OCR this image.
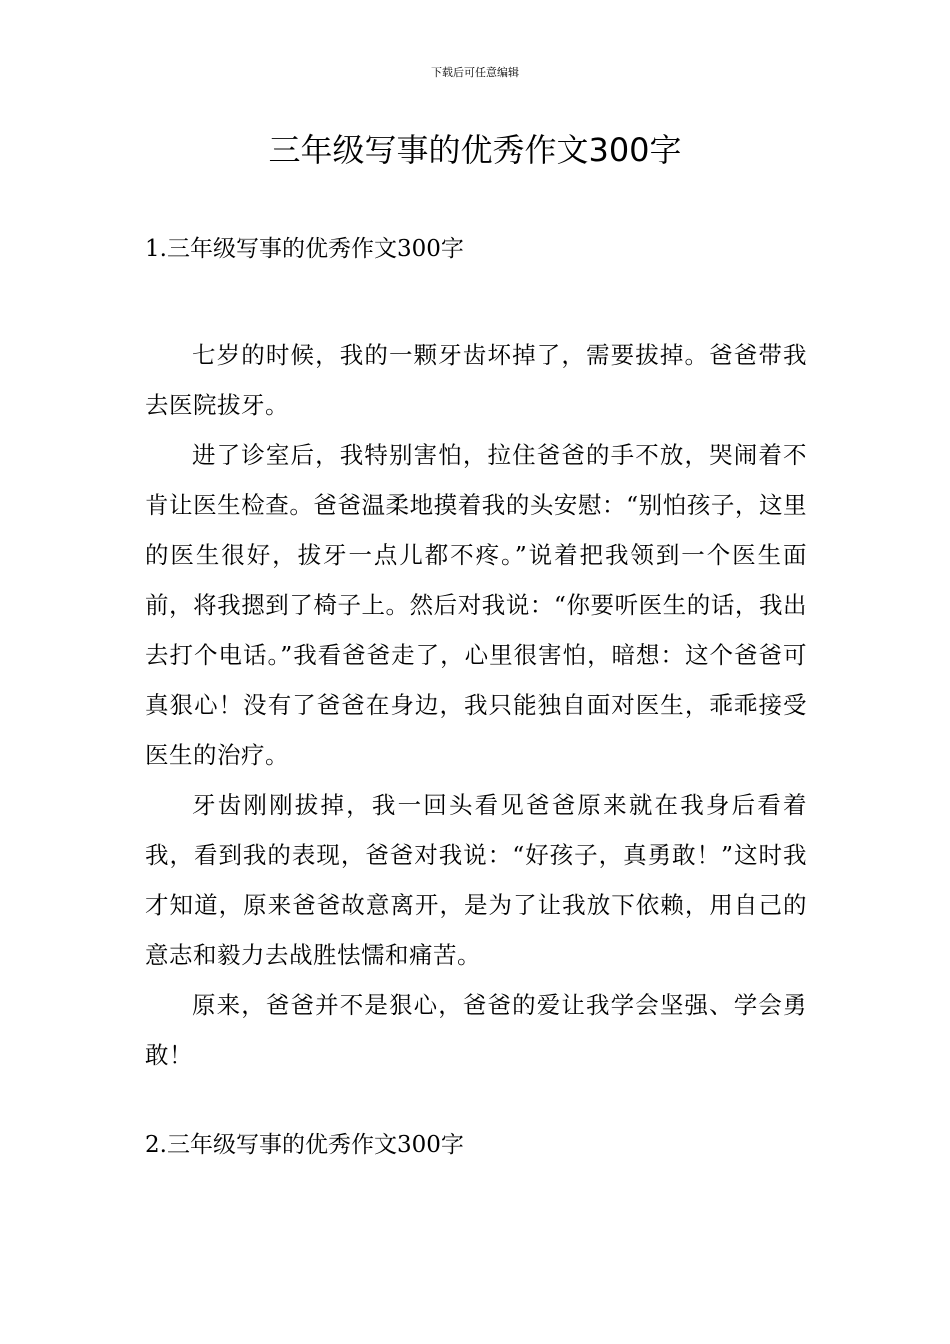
下载后可任意编辑
三年级写事的优秀作文300字
1.三年级写事的优秀作文300字

七岁的时候，我的一颗牙齿坏掉了，需要拔掉。爸爸带我去医院拔牙。

进了诊室后，我特别害怕，拉住爸爸的手不放，哭闹着不肯让医生检查。爸爸温柔地摸着我的头安慰：“别怕孩子，这里的医生很好，拔牙一点儿都不疼。”说着把我领到一个医生面前，将我摁到了椅子上。然后对我说：“你要听医生的话，我出去打个电话。”我看爸爸走了，心里很害怕，暗想：这个爸爸可真狠心！没有了爸爸在身边，我只能独自面对医生，乖乖接受医生的治疗。

牙齿刚刚拔掉，我一回头看见爸爸原来就在我身后看着我，看到我的表现，爸爸对我说：“好孩子，真勇敢！”这时我才知道，原来爸爸故意离开，是为了让我放下依赖，用自己的意志和毅力去战胜怯懦和痛苦。

原来，爸爸并不是狠心，爸爸的爱让我学会坚强、学会勇敢！

2.三年级写事的优秀作文300字
